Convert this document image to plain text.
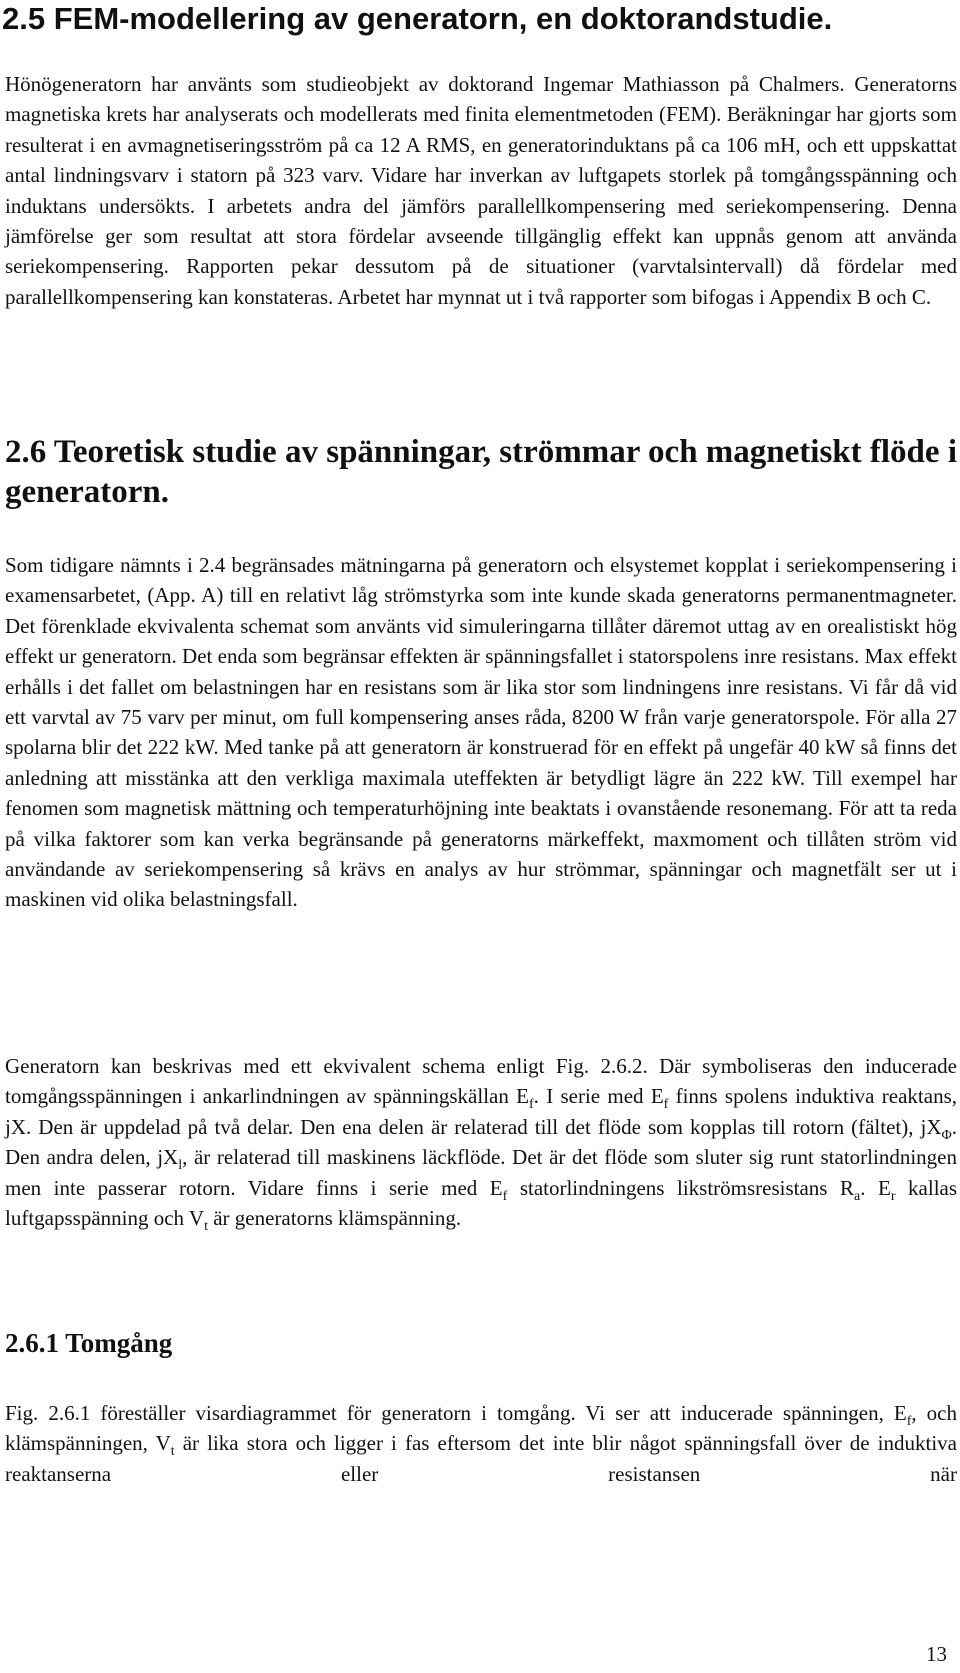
2.5 FEM-modellering av generatorn, en doktorandstudie.

Hönögeneratorn har använts som studieobjekt av doktorand Ingemar Mathiasson på Chalmers. Generatorns magnetiska krets har analyserats och modellerats med finita elementmetoden (FEM). Beräkningar har gjorts som resulterat i en avmagnetiseringsström på ca 12 A RMS, en generatorinduktans på ca 106 mH, och ett uppskattat antal lindningsvarv i statorn på 323 varv. Vidare har inverkan av luftgapets storlek på tomgångsspänning och induktans undersökts. I arbetets andra del jämförs parallellkompensering med seriekompensering. Denna jämförelse ger som resultat att stora fördelar avseende tillgänglig effekt kan uppnås genom att använda seriekompensering. Rapporten pekar dessutom på de situationer (varvtalsintervall) då fördelar med parallellkompensering kan konstateras. Arbetet har mynnat ut i två rapporter som bifogas i Appendix B och C.

2.6 Teoretisk studie av spänningar, strömmar och magnetiskt flöde i generatorn.

Som tidigare nämnts i 2.4 begränsades mätningarna på generatorn och elsystemet kopplat i seriekompensering i examensarbetet, (App. A) till en relativt låg strömstyrka som inte kunde skada generatorns permanentmagneter. Det förenklade ekvivalenta schemat som använts vid simuleringarna tillåter däremot uttag av en orealistiskt hög effekt ur generatorn. Det enda som begränsar effekten är spänningsfallet i statorspolens inre resistans. Max effekt erhålls i det fallet om belastningen har en resistans som är lika stor som lindningens inre resistans. Vi får då vid ett varvtal av 75 varv per minut, om full kompensering anses råda, 8200 W från varje generatorspole. För alla 27 spolarna blir det 222 kW. Med tanke på att generatorn är konstruerad för en effekt på ungefär 40 kW så finns det anledning att misstänka att den verkliga maximala uteffekten är betydligt lägre än 222 kW. Till exempel har fenomen som magnetisk mättning och temperaturhöjning inte beaktats i ovanstående resonemang. För att ta reda på vilka faktorer som kan verka begränsande på generatorns märkeffekt, maxmoment och tillåten ström vid användande av seriekompensering så krävs en analys av hur strömmar, spänningar och magnetfält ser ut i maskinen vid olika belastningsfall.

Generatorn kan beskrivas med ett ekvivalent schema enligt Fig. 2.6.2. Där symboliseras den inducerade tomgångsspänningen i ankarlindningen av spänningskällan $E_f$. I serie med $E_f$ finns spolens induktiva reaktans, jX. Den är uppdelad på två delar. Den ena delen är relaterad till det flöde som kopplas till rotorn (fältet), $jX_\Phi$. Den andra delen, $jX_l$, är relaterad till maskinens läckflöde. Det är det flöde som sluter sig runt statorlindningen men inte passerar rotorn. Vidare finns i serie med $E_f$ statorlindningens likströmsresistans $R_a$. $E_r$ kallas luftgapsspänning och $V_t$ är generatorns klämspänning.

2.6.1 Tomgång

Fig. 2.6.1 föreställer visardiagrammet för generatorn i tomgång. Vi ser att inducerade spänningen, $E_f$, och klämspänningen, $V_t$ är lika stora och ligger i fas eftersom det inte blir något spänningsfall över de induktiva reaktanserna eller resistansen när

13
